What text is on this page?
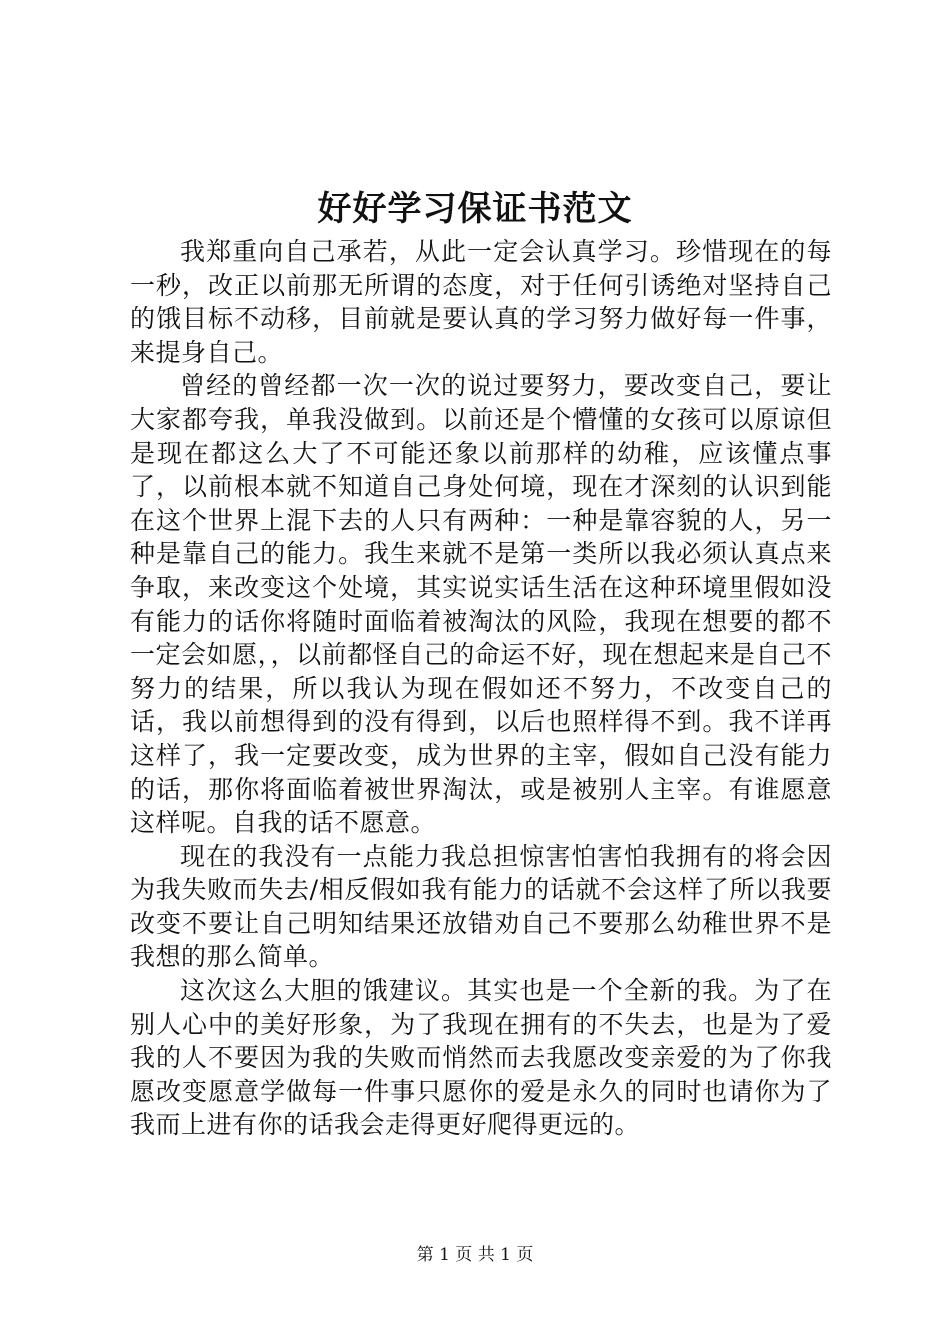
好好学习保证书范文

我郑重向自己承若，从此一定会认真学习。珍惜现在的每一秒，改正以前那无所谓的态度，对于任何引诱绝对坚持自己的饿目标不动移，目前就是要认真的学习努力做好每一件事，来提身自己。

曾经的曾经都一次一次的说过要努力，要改变自己，要让大家都夸我，单我没做到。以前还是个懵懂的女孩可以原谅但是现在都这么大了不可能还象以前那样的幼稚，应该懂点事了，以前根本就不知道自己身处何境，现在才深刻的认识到能在这个世界上混下去的人只有两种：一种是靠容貌的人，另一种是靠自己的能力。我生来就不是第一类所以我必须认真点来争取，来改变这个处境，其实说实话生活在这种环境里假如没有能力的话你将随时面临着被淘汰的风险，我现在想要的都不一定会如愿，，以前都怪自己的命运不好，现在想起来是自己不努力的结果，所以我认为现在假如还不努力，不改变自己的话，我以前想得到的没有得到，以后也照样得不到。我不详再这样了，我一定要改变，成为世界的主宰，假如自己没有能力的话，那你将面临着被世界淘汰，或是被别人主宰。有谁愿意这样呢。自我的话不愿意。

现在的我没有一点能力我总担惊害怕害怕我拥有的将会因为我失败而失去/相反假如我有能力的话就不会这样了所以我要改变不要让自己明知结果还放错劝自己不要那么幼稚世界不是我想的那么简单。

这次这么大胆的饿建议。其实也是一个全新的我。为了在别人心中的美好形象，为了我现在拥有的不失去，也是为了爱我的人不要因为我的失败而悄然而去我愿改变亲爱的为了你我愿改变愿意学做每一件事只愿你的爱是永久的同时也请你为了我而上进有你的话我会走得更好爬得更远的。

第 1 页 共 1 页
